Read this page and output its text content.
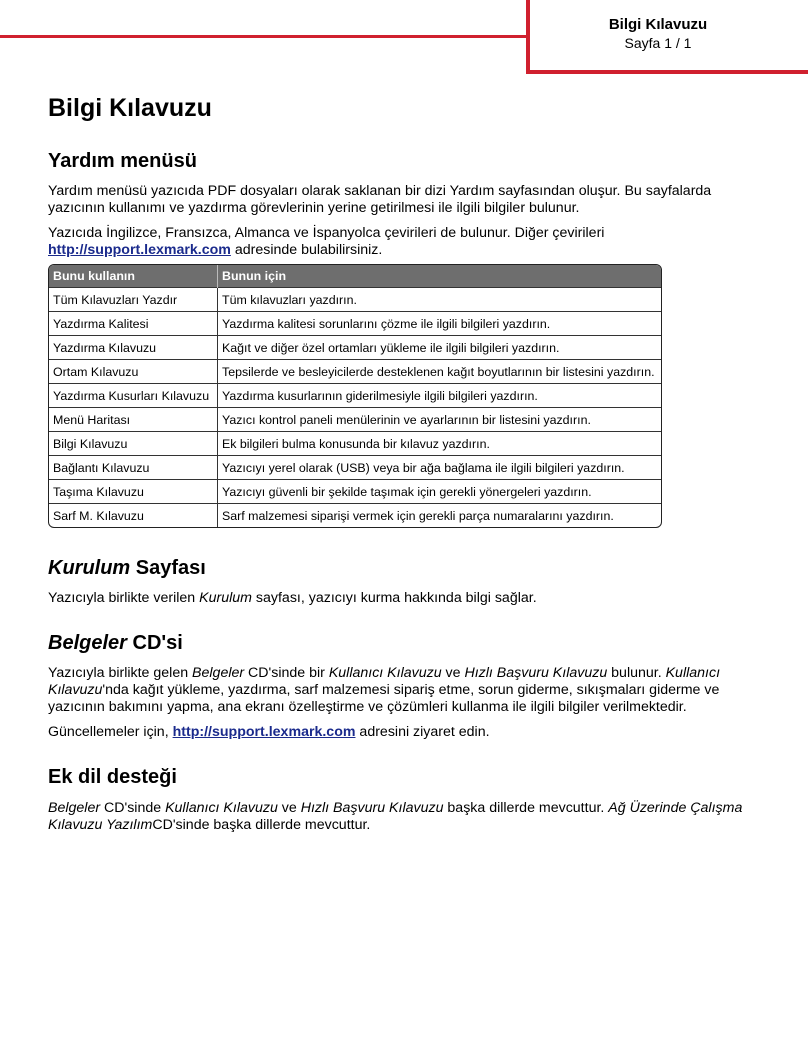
Bilgi Kılavuzu
Sayfa 1 / 1
Bilgi Kılavuzu
Yardım menüsü

Yardım menüsü yazıcıda PDF dosyaları olarak saklanan bir dizi Yardım sayfasından oluşur. Bu sayfalarda yazıcının kullanımı ve yazdırma görevlerinin yerine getirilmesi ile ilgili bilgiler bulunur.

Yazıcıda İngilizce, Fransızca, Almanca ve İspanyolca çevirileri de bulunur. Diğer çevirileri
http://support.lexmark.com adresinde bulabilirsiniz.

Bunu kullanın	Bunun için
Tüm Kılavuzları Yazdır	Tüm kılavuzları yazdırın.
Yazdırma Kalitesi	Yazdırma kalitesi sorunlarını çözme ile ilgili bilgileri yazdırın.
Yazdırma Kılavuzu	Kağıt ve diğer özel ortamları yükleme ile ilgili bilgileri yazdırın.
Ortam Kılavuzu	Tepsilerde ve besleyicilerde desteklenen kağıt boyutlarının bir listesini yazdırın.
Yazdırma Kusurları Kılavuzu	Yazdırma kusurlarının giderilmesiyle ilgili bilgileri yazdırın.
Menü Haritası	Yazıcı kontrol paneli menülerinin ve ayarlarının bir listesini yazdırın.
Bilgi Kılavuzu	Ek bilgileri bulma konusunda bir kılavuz yazdırın.
Bağlantı Kılavuzu	Yazıcıyı yerel olarak (USB) veya bir ağa bağlama ile ilgili bilgileri yazdırın.
Taşıma Kılavuzu	Yazıcıyı güvenli bir şekilde taşımak için gerekli yönergeleri yazdırın.
Sarf M. Kılavuzu	Sarf malzemesi siparişi vermek için gerekli parça numaralarını yazdırın.
Kurulum Sayfası

Yazıcıyla birlikte verilen Kurulum sayfası, yazıcıyı kurma hakkında bilgi sağlar.

Belgeler CD'si

Yazıcıyla birlikte gelen Belgeler CD'sinde bir Kullanıcı Kılavuzu ve Hızlı Başvuru Kılavuzu bulunur. Kullanıcı Kılavuzu'nda kağıt yükleme, yazdırma, sarf malzemesi sipariş etme, sorun giderme, sıkışmaları giderme ve yazıcının bakımını yapma, ana ekranı özelleştirme ve çözümleri kullanma ile ilgili bilgiler verilmektedir.

Güncellemeler için, http://support.lexmark.com adresini ziyaret edin.

Ek dil desteği

Belgeler CD'sinde Kullanıcı Kılavuzu ve Hızlı Başvuru Kılavuzu başka dillerde mevcuttur. Ağ Üzerinde Çalışma Kılavuzu YazılımCD'sinde başka dillerde mevcuttur.
